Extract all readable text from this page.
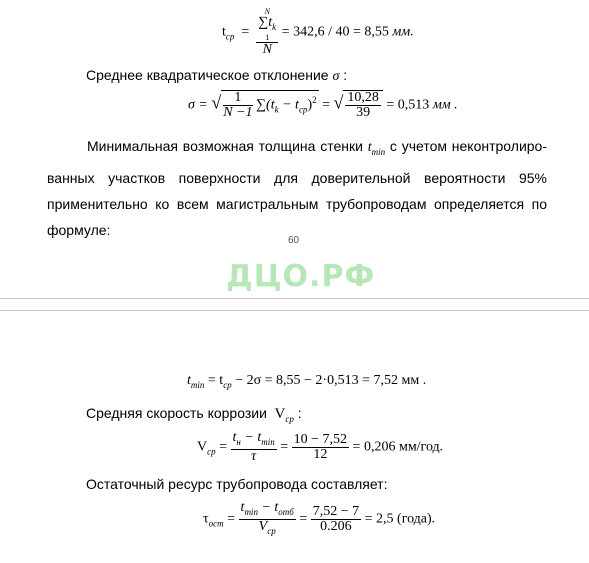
$t_{ср} = N$
$\sum t_k$
1
N = 342,6 / 40 = 8,55 мм.
Среднее квадратическое отклонение σ :
σ = √ $\frac{1}{N -1} \sum(t_k - t_{ср})^2$ = √ $\frac{10,28}{39} = 0,513$ мм .
Минимальная возможная толщина стенки $t_{min}$ с учетом неконтролиро-ванных участков поверхности для доверительной вероятности 95% применительно ко всем магистральным трубопроводам определяется по формуле:
60
ДЦО.РФ
$t_{min} = t_{ср} - 2\sigma = 8,55 - 2\cdot 0,513 = 7,52$ мм .
Средняя скорость коррозии $V_{ср}$ :
$V_{ср} = \frac{t_н - t_{min}}{\tau} = \frac{10 - 7,52}{12} = 0,206$ мм/год.
Остаточный ресурс трубопровода составляет:
$\tau_{ост} = \frac{t_{min} - t_{отб}}{V_{ср}} = \frac{7,52 - 7}{0.206} = 2,5$ (года).
